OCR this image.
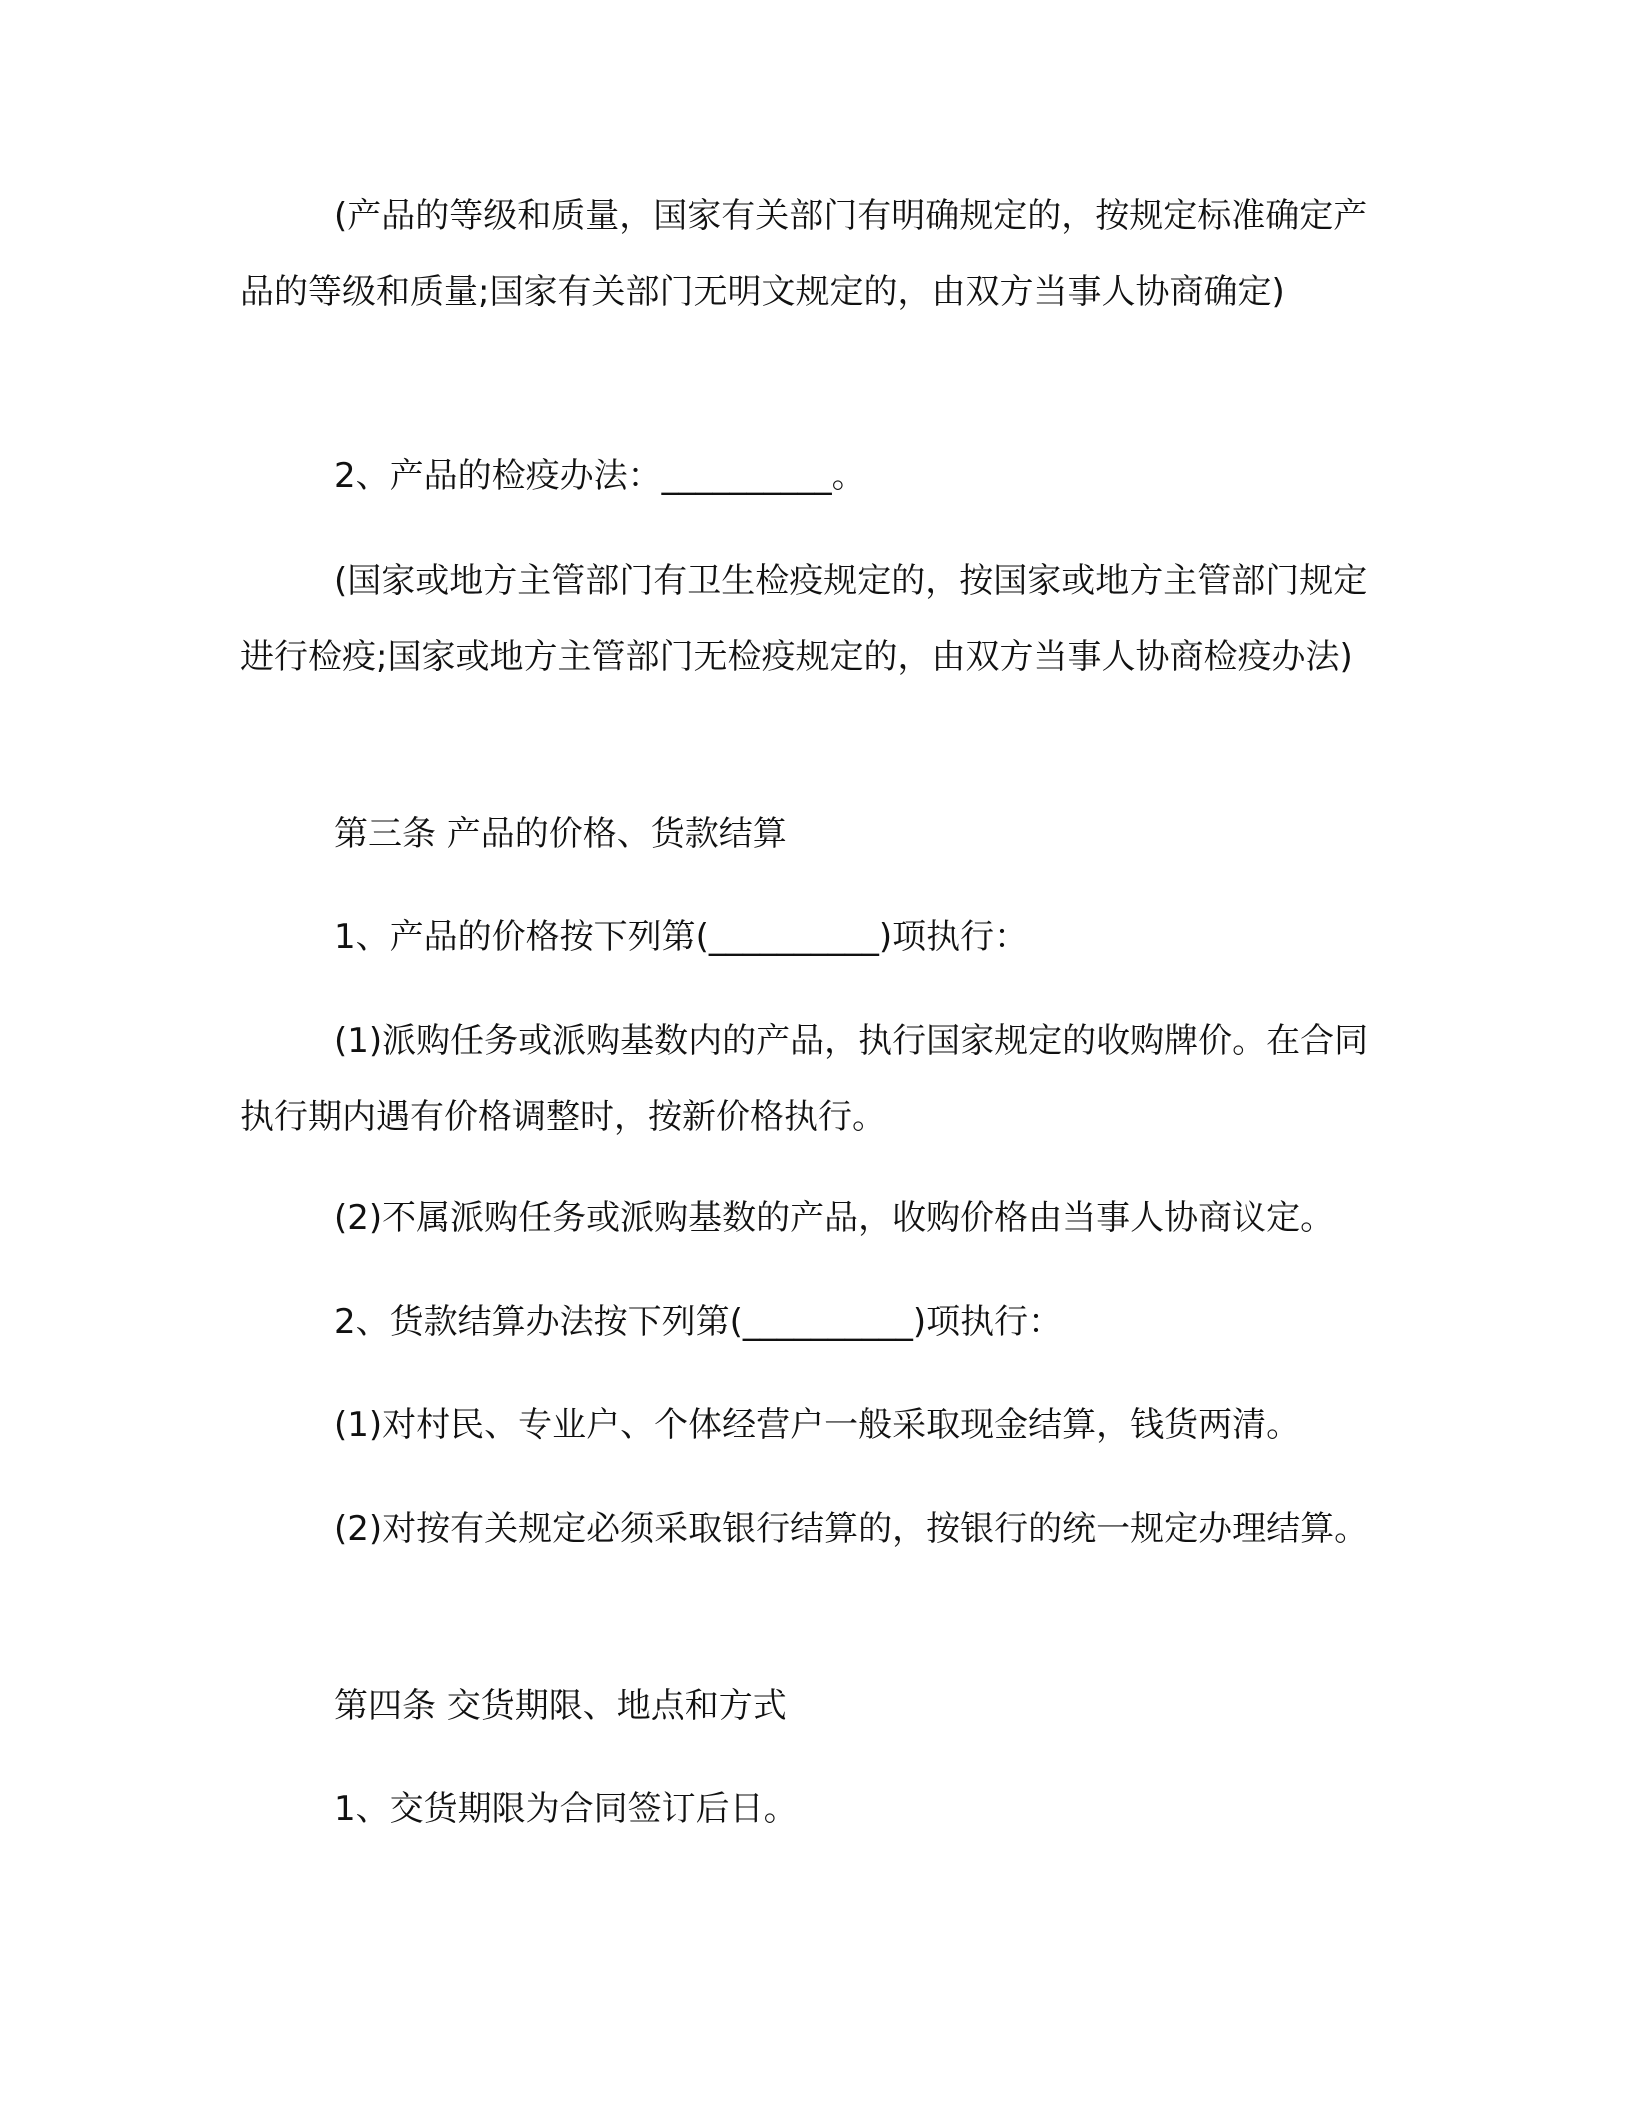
(产品的等级和质量，国家有关部门有明确规定的，按规定标准确定产品的等级和质量;国家有关部门无明文规定的，由双方当事人协商确定)

2、产品的检疫办法：__________。

(国家或地方主管部门有卫生检疫规定的，按国家或地方主管部门规定进行检疫;国家或地方主管部门无检疫规定的，由双方当事人协商检疫办法)

第三条 产品的价格、货款结算

1、产品的价格按下列第(__________)项执行：

(1)派购任务或派购基数内的产品，执行国家规定的收购牌价。在合同执行期内遇有价格调整时，按新价格执行。

(2)不属派购任务或派购基数的产品，收购价格由当事人协商议定。

2、货款结算办法按下列第(__________)项执行：

(1)对村民、专业户、个体经营户一般采取现金结算，钱货两清。

(2)对按有关规定必须采取银行结算的，按银行的统一规定办理结算。

第四条 交货期限、地点和方式

1、交货期限为合同签订后日。
